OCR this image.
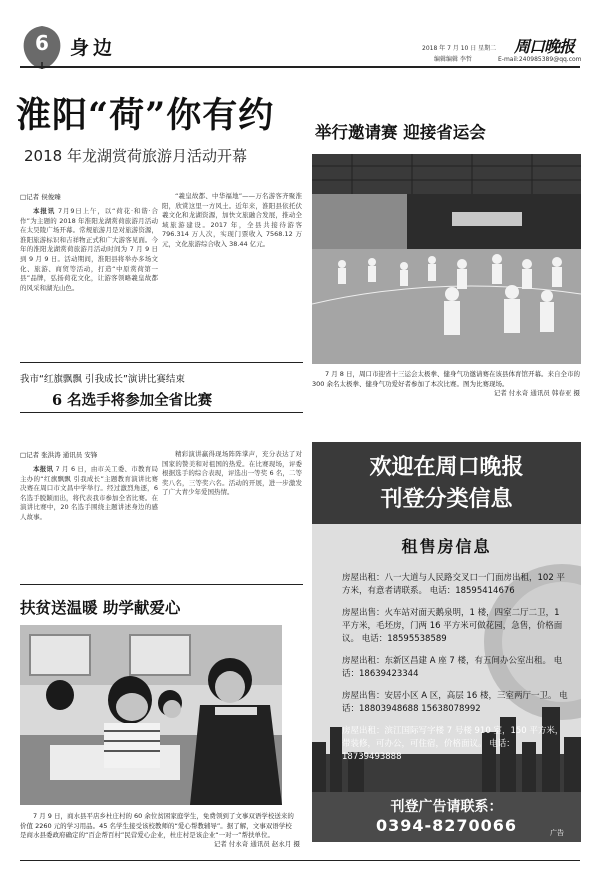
6	身边	2018 年 7 月 10 日 星期二 周口晚报
编辑编辑 李哲	E-mail:240985389@qq.com
淮阳“荷”你有约
2018 年龙湖赏荷旅游月活动开幕
□记者 侯俊臻
本报讯 7月9日上午，以“荷花·和谐·合作”为主题的 2018 年淮阳龙湖赏荷旅游月活动在太昊陵广场开幕。常规旅游月是对旅游资源，淮阳旅游标识和吉祥物正式和广大游客见面。今年的淮阳龙湖赏荷旅游月活动时间为 7 月 9 日到 9 月 9 日。活动期间，淮阳县将举办多场文化、旅游、商贸等活动，打造“中原赏荷第一县”品牌，弘扬荷花文化，让游客领略羲皇故都的风采和湖光山色。
“羲皇故都、中华福地”——万名游客齐聚淮阳，欣赏这里一方风土。近年来，淮阳县依托伏羲文化和龙湖资源，加快文旅融合发展，推动全域旅游建设。2017 年，全县共接待游客 796.314 万人次，实现门票收入 7568.12 万元，文化旅游综合收入 38.44 亿元。
举行邀请赛 迎接省运会
7 月 8 日，周口市迎省十三运会太极拳、健身气功邀请赛在该县体育馆开幕。来自全市的 300 余名太极拳、健身气功爱好者参加了本次比赛。图为比赛现场。
记者 付永奇 通讯员 韩春亚 摄
我市“红旗飘飘 引我成长”演讲比赛结束
6 名选手将参加全省比赛
□记者 张洪涛 通讯员 安锋
本报讯 7 月 6 日，由市关工委、市教育局主办的“红旗飘飘 引我成长”主题教育演讲比赛决赛在周口市文昌中学举行。经过激烈角逐，6 名选手脱颖而出，将代表我市参加全省比赛。在演讲比赛中，20 名选手围绕主题讲述身边的感人故事。
精彩演讲赢得现场阵阵掌声，充分表达了对国家的赞美和对祖国的热爱。在比赛现场，评委根据选手的综合表现，评选出一等奖 6 名，二等奖八名，三等奖六名。活动的开展，进一步激发了广大青少年爱国热情。
扶贫送温暖 助学献爱心
7 月 9 日，商水县平店乡杜庄村的 60 余位贫困家庭学生，免费领到了文事双语学校送来的价值 2260 元的学习用品。45 名学生接受该校教师的“爱心帮教辅导”。据了解，文事双语学校是商水县委政府确定的“百企帮百村”民营爱心企业，杜庄村是该企业“一对一”帮扶单位。
记者 付永奇 通讯员 赵永月 摄
欢迎在周口晚报
刊登分类信息
租售房信息
房屋出租：八一大道与人民路交叉口一门面房出租，102 平方米，有意者请联系。 电话：18595414676
房屋出售：火车站对面天鹅泉明，1 楼，四室二厅二卫，1 平方米，毛坯房，门两 16 平方米可做花园，急售，价格面议。 电话：18595538589
房屋出租：东新区昌建 A 座 7 楼，有五间办公室出租。 电话：18639423344
房屋出售：安居小区 A 区，高层 16 楼，三室两厅一卫。 电话：18803948688 15638078992
房屋出租：滨江国际写字楼 7 号楼 910 室，150 平方米，带装修，可办公，可住宿，价格面议。 电话：18739493888
刊登广告请联系：
0394-8270066	广告
